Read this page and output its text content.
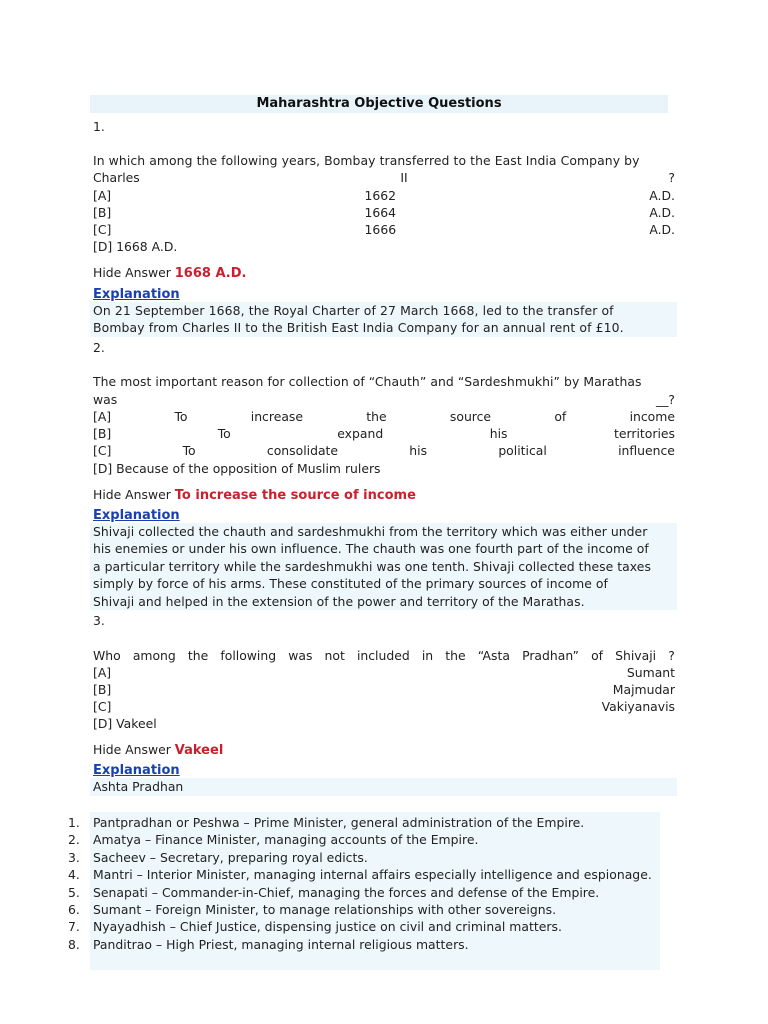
Maharashtra Objective Questions
1.
In which among the following years, Bombay transferred to the East India Company by
Charles	II	?
[A]	1662	A.D.
[B]	1664	A.D.
[C]	1666	A.D.
[D] 1668 A.D.
Hide Answer 1668 A.D.
Explanation
On 21 September 1668, the Royal Charter of 27 March 1668, led to the transfer of
Bombay from Charles II to the British East India Company for an annual rent of £10.
2.
The most important reason for collection of “Chauth” and “Sardeshmukhi” by Marathas
was	__?
[A]	To	increase	the	source	of	income
[B]	To	expand	his	territories
[C]	To	consolidate	his	political	influence
[D] Because of the opposition of Muslim rulers
Hide Answer To increase the source of income
Explanation
Shivaji collected the chauth and sardeshmukhi from the territory which was either under
his enemies or under his own influence. The chauth was one fourth part of the income of
a particular territory while the sardeshmukhi was one tenth. Shivaji collected these taxes
simply by force of his arms. These constituted of the primary sources of income of
Shivaji and helped in the extension of the power and territory of the Marathas.
3.
Who among the following was not included in the “Asta Pradhan” of Shivaji ?
[A]	Sumant
[B]	Majmudar
[C]	Vakiyanavis
[D] Vakeel
Hide Answer Vakeel
Explanation
Ashta Pradhan
1. Pantpradhan or Peshwa – Prime Minister, general administration of the Empire.
2. Amatya – Finance Minister, managing accounts of the Empire.
3. Sacheev – Secretary, preparing royal edicts.
4. Mantri – Interior Minister, managing internal affairs especially intelligence and espionage.
5. Senapati – Commander-in-Chief, managing the forces and defense of the Empire.
6. Sumant – Foreign Minister, to manage relationships with other sovereigns.
7. Nyayadhish – Chief Justice, dispensing justice on civil and criminal matters.
8. Panditrao – High Priest, managing internal religious matters.
